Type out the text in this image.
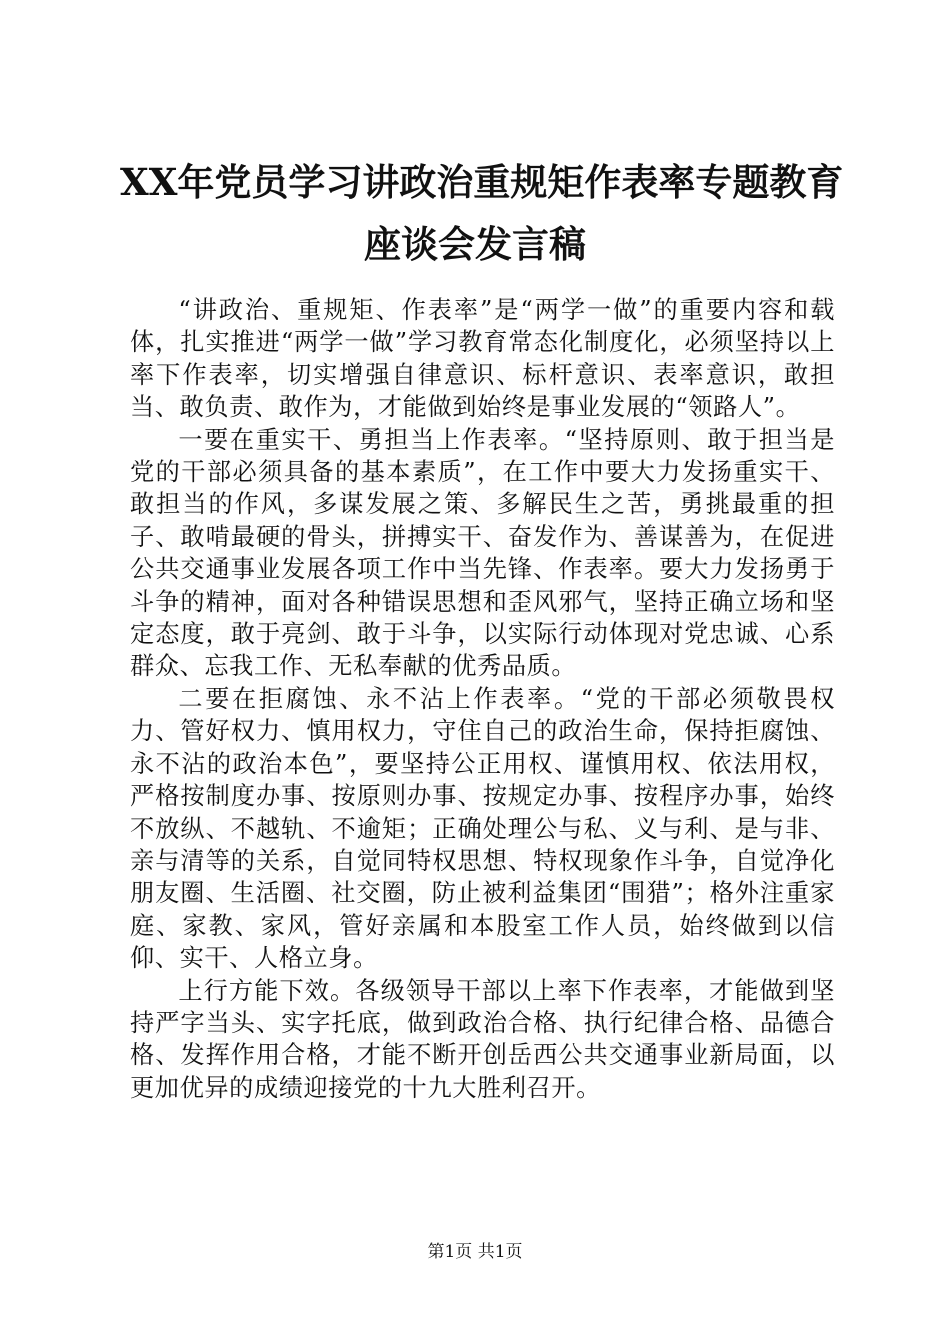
XX年党员学习讲政治重规矩作表率专题教育
座谈会发言稿

“讲政治、重规矩、作表率”是“两学一做”的重要内容和载体，扎实推进“两学一做”学习教育常态化制度化，必须坚持以上率下作表率，切实增强自律意识、标杆意识、表率意识，敢担当、敢负责、敢作为，才能做到始终是事业发展的“领路人”。

一要在重实干、勇担当上作表率。“坚持原则、敢于担当是党的干部必须具备的基本素质”，在工作中要大力发扬重实干、敢担当的作风，多谋发展之策、多解民生之苦，勇挑最重的担子、敢啃最硬的骨头，拼搏实干、奋发作为、善谋善为，在促进公共交通事业发展各项工作中当先锋、作表率。要大力发扬勇于斗争的精神，面对各种错误思想和歪风邪气，坚持正确立场和坚定态度，敢于亮剑、敢于斗争，以实际行动体现对党忠诚、心系群众、忘我工作、无私奉献的优秀品质。

二要在拒腐蚀、永不沾上作表率。“党的干部必须敬畏权力、管好权力、慎用权力，守住自己的政治生命，保持拒腐蚀、永不沾的政治本色”，要坚持公正用权、谨慎用权、依法用权，严格按制度办事、按原则办事、按规定办事、按程序办事，始终不放纵、不越轨、不逾矩；正确处理公与私、义与利、是与非、亲与清等的关系，自觉同特权思想、特权现象作斗争，自觉净化朋友圈、生活圈、社交圈，防止被利益集团“围猎”；格外注重家庭、家教、家风，管好亲属和本股室工作人员，始终做到以信仰、实干、人格立身。

上行方能下效。各级领导干部以上率下作表率，才能做到坚持严字当头、实字托底，做到政治合格、执行纪律合格、品德合格、发挥作用合格，才能不断开创岳西公共交通事业新局面，以更加优异的成绩迎接党的十九大胜利召开。

第1页 共1页
